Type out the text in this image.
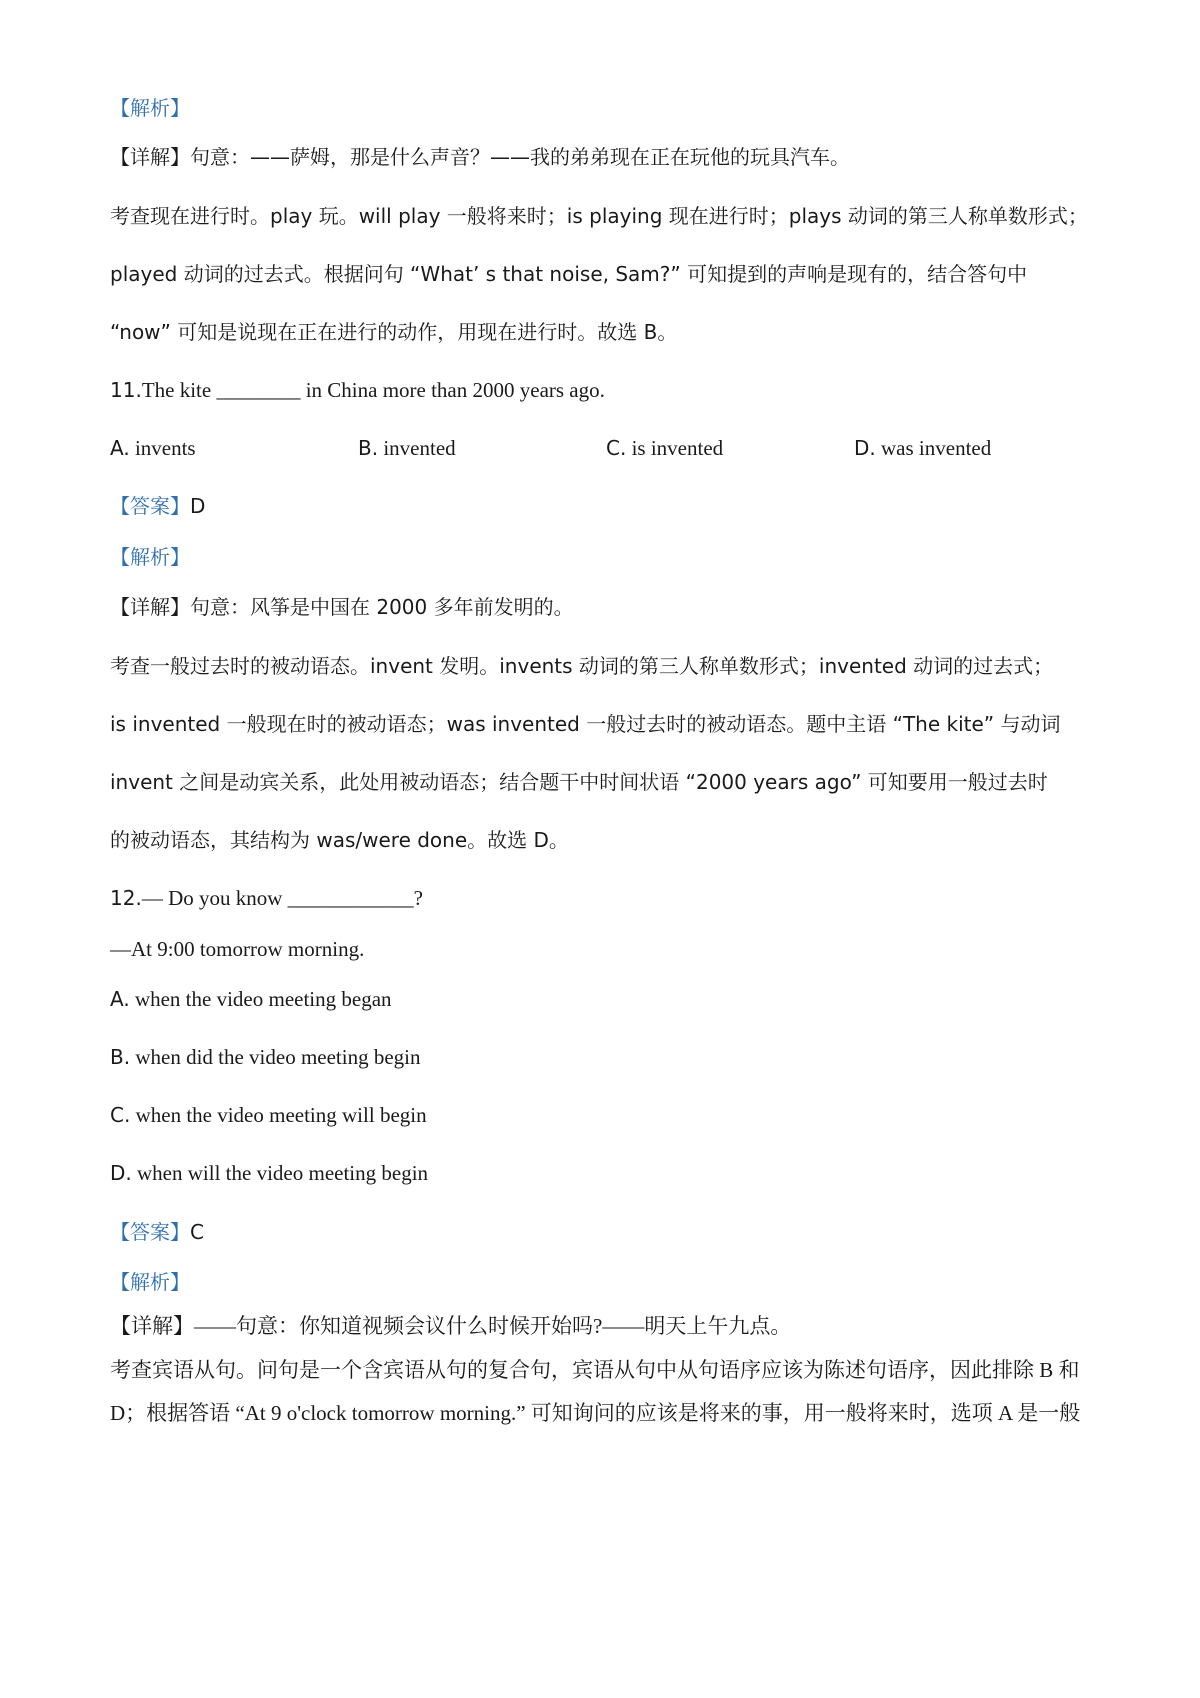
【解析】
【详解】句意：——萨姆，那是什么声音？——我的弟弟现在正在玩他的玩具汽车。
考查现在进行时。play 玩。will play 一般将来时；is playing 现在进行时；plays 动词的第三人称单数形式；
played 动词的过去式。根据问句 “What’ s that noise, Sam?” 可知提到的声响是现有的，结合答句中
“now” 可知是说现在正在进行的动作，用现在进行时。故选 B。
11.The kite ________ in China more than 2000 years ago.
A. invents	B. invented	C. is invented	D. was invented
【答案】D
【解析】
【详解】句意：风筝是中国在 2000 多年前发明的。
考查一般过去时的被动语态。invent 发明。invents 动词的第三人称单数形式；invented 动词的过去式；
is invented 一般现在时的被动语态；was invented 一般过去时的被动语态。题中主语 “The kite” 与动词
invent 之间是动宾关系，此处用被动语态；结合题干中时间状语 “2000 years ago” 可知要用一般过去时
的被动语态，其结构为 was/were done。故选 D。
12.— Do you know ____________?
—At 9:00 tomorrow morning.
A. when the video meeting began
B. when did the video meeting begin
C. when the video meeting will begin
D. when will the video meeting begin
【答案】C
【解析】
【详解】——句意：你知道视频会议什么时候开始吗?——明天上午九点。
考查宾语从句。问句是一个含宾语从句的复合句，宾语从句中从句语序应该为陈述句语序，因此排除 B 和
D；根据答语 “At 9 o'clock tomorrow morning.” 可知询问的应该是将来的事，用一般将来时，选项 A 是一般
